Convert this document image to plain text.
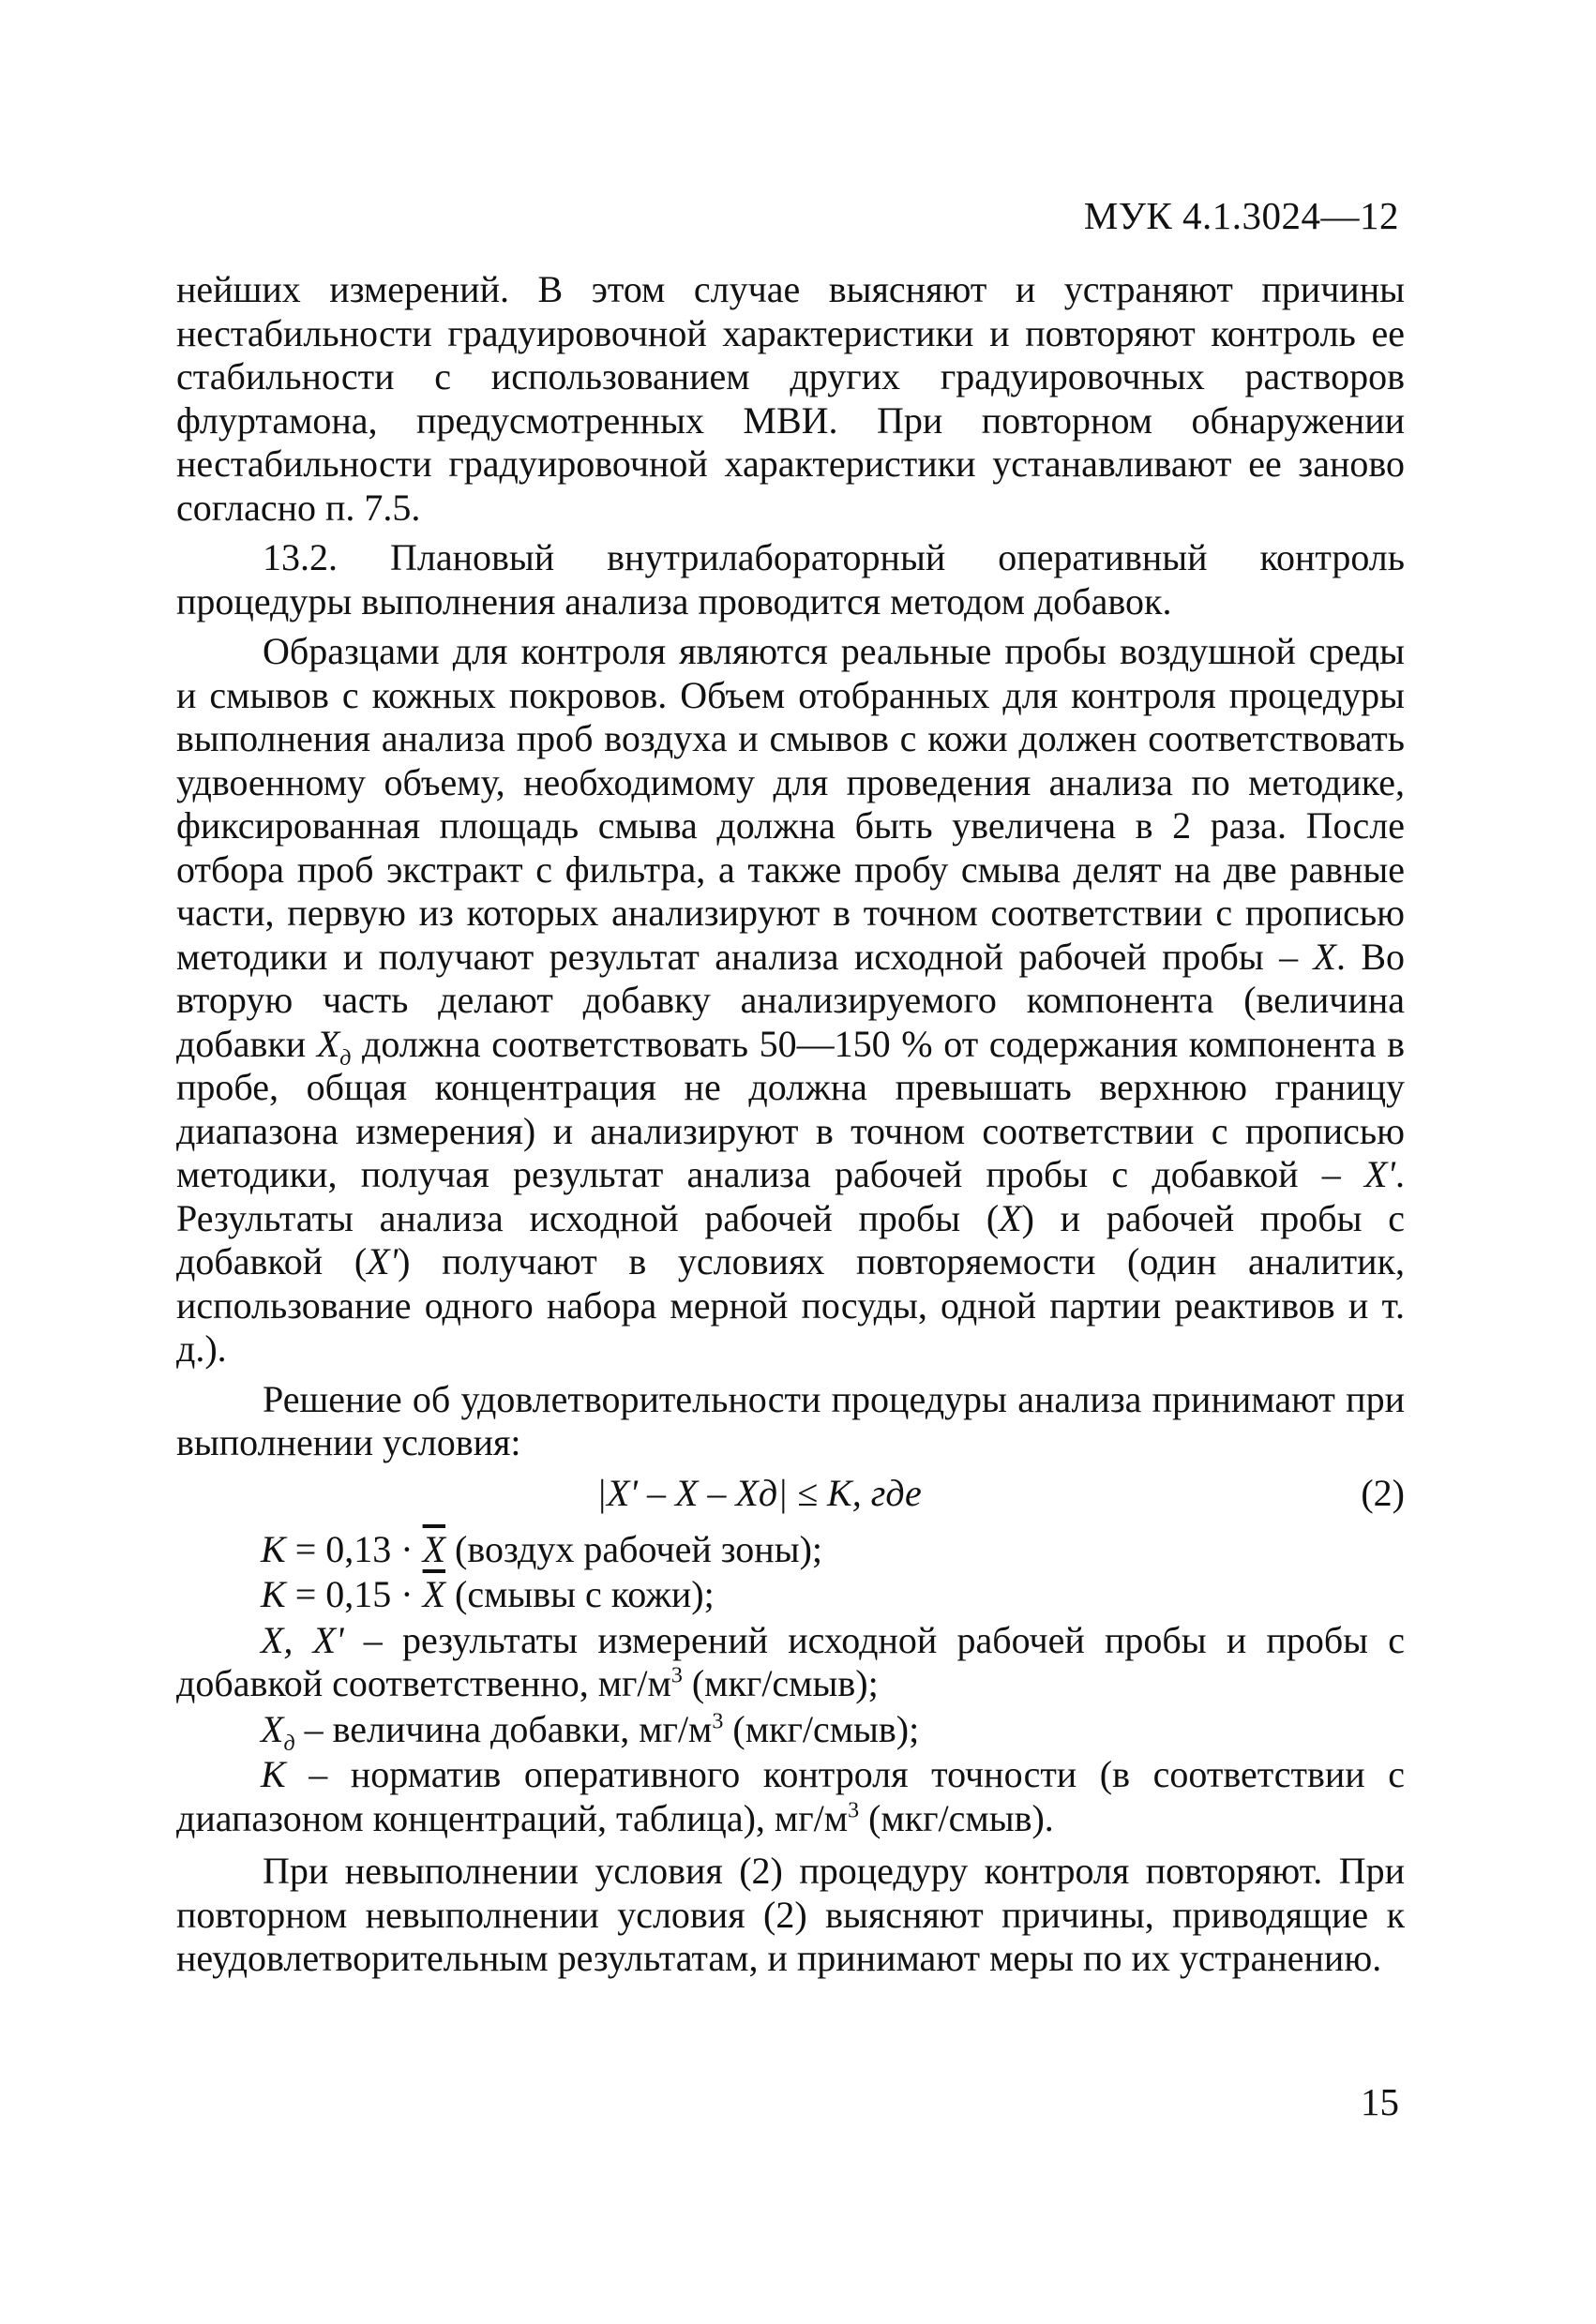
МУК 4.1.3024—12

нейших измерений. В этом случае выясняют и устраняют причины нестабильности градуировочной характеристики и повторяют контроль ее стабильности с использованием других градуировочных растворов флуртамона, предусмотренных МВИ. При повторном обнаружении нестабильности градуировочной характеристики устанавливают ее заново согласно п. 7.5.

13.2. Плановый внутрилабораторный оперативный контроль процедуры выполнения анализа проводится методом добавок.

Образцами для контроля являются реальные пробы воздушной среды и смывов с кожных покровов. Объем отобранных для контроля процедуры выполнения анализа проб воздуха и смывов с кожи должен соответствовать удвоенному объему, необходимому для проведения анализа по методике, фиксированная площадь смыва должна быть увеличена в 2 раза. После отбора проб экстракт с фильтра, а также пробу смыва делят на две равные части, первую из которых анализируют в точном соответствии с прописью методики и получают результат анализа исходной рабочей пробы – X. Во вторую часть делают добавку анализируемого компонента (величина добавки $X_д$ должна соответствовать 50—150 % от содержания компонента в пробе, общая концентрация не должна превышать верхнюю границу диапазона измерения) и анализируют в точном соответствии с прописью методики, получая результат анализа рабочей пробы с добавкой – X'. Результаты анализа исходной рабочей пробы (X) и рабочей пробы с добавкой (X') получают в условиях повторяемости (один аналитик, использование одного набора мерной посуды, одной партии реактивов и т. д.).

Решение об удовлетворительности процедуры анализа принимают при выполнении условия:

|X' – X – Xд| ≤ K, где	(2)

$K = 0,13 \cdot \overline{X}$ (воздух рабочей зоны);

$K = 0,15 \cdot \overline{X}$ (смывы с кожи);

X, X' – результаты измерений исходной рабочей пробы и пробы с добавкой соответственно, $мг/м^3$ (мкг/смыв);

$X_д$ – величина добавки, $мг/м^3$ (мкг/смыв);

K – норматив оперативного контроля точности (в соответствии с диапазоном концентраций, таблица), $мг/м^3$ (мкг/смыв).

При невыполнении условия (2) процедуру контроля повторяют. При повторном невыполнении условия (2) выясняют причины, приводящие к неудовлетворительным результатам, и принимают меры по их устранению.

15
